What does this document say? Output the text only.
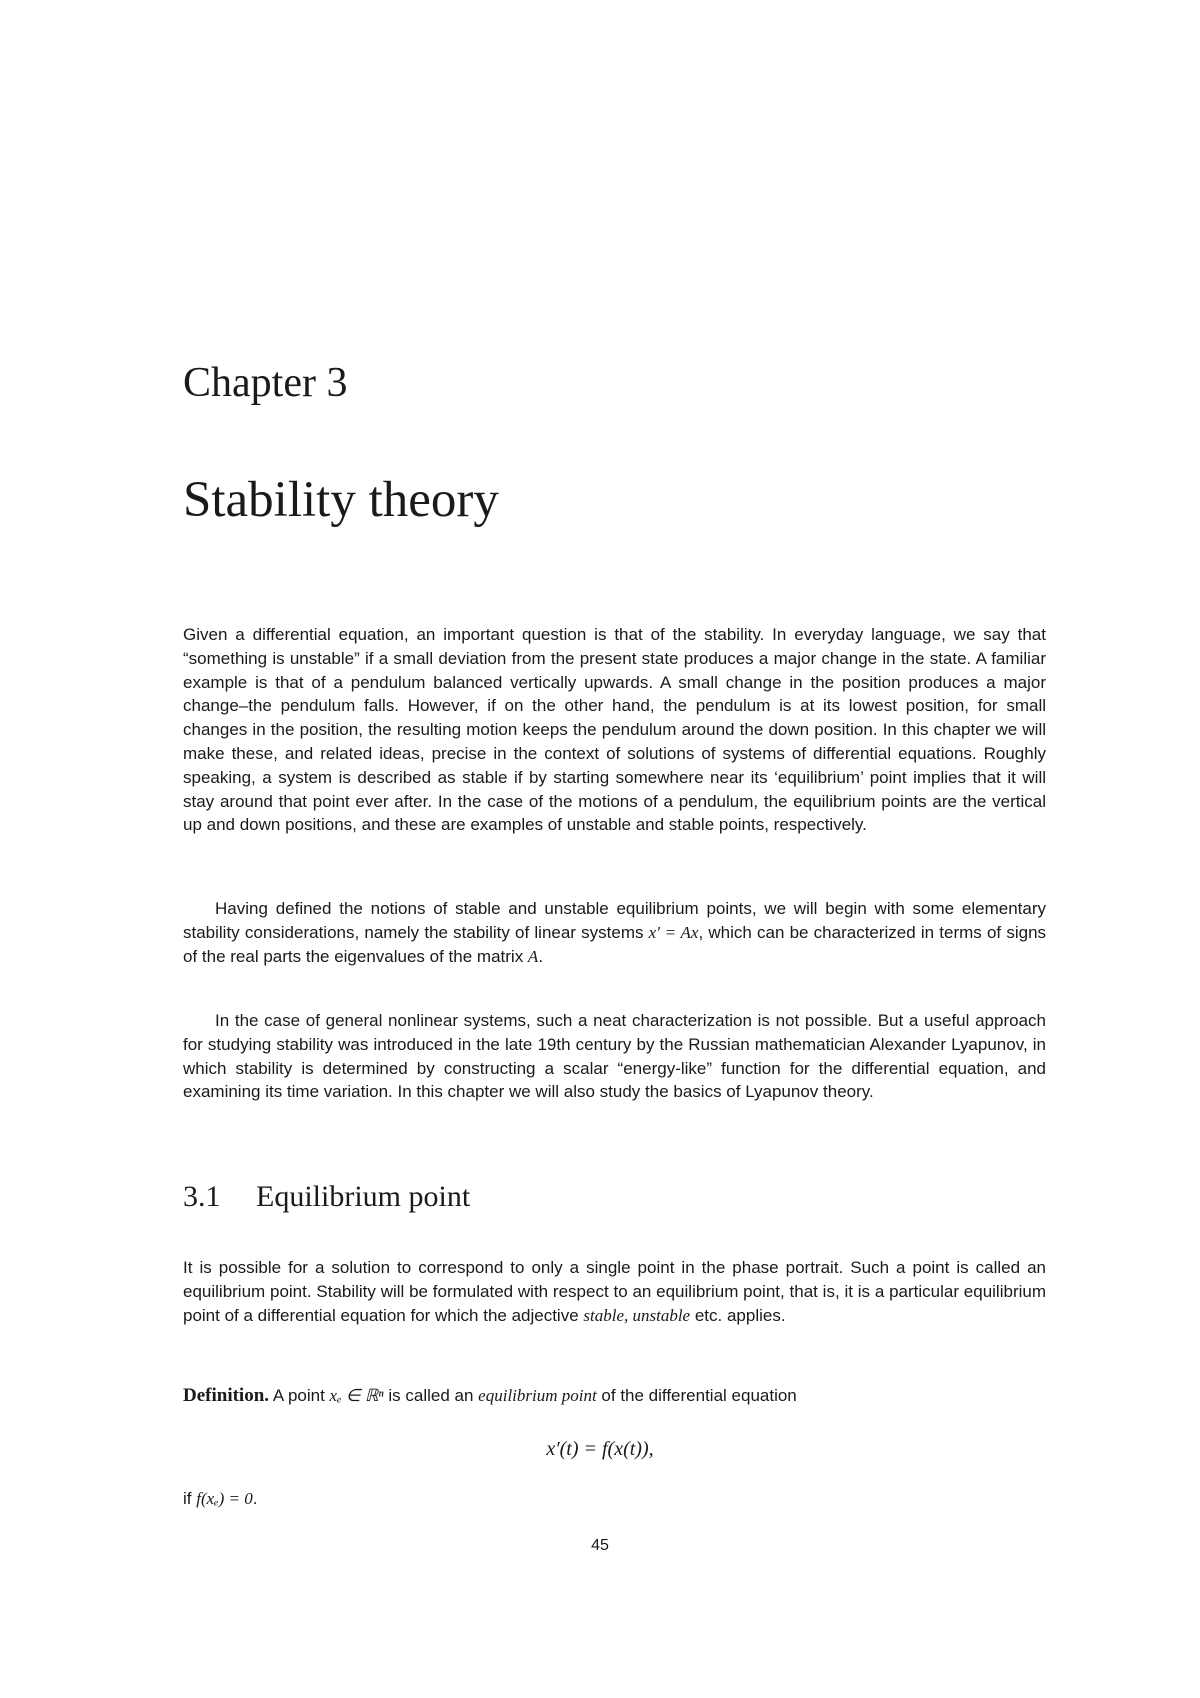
Chapter 3
Stability theory

Given a differential equation, an important question is that of the stability. In everyday language, we say that “something is unstable” if a small deviation from the present state produces a major change in the state. A familiar example is that of a pendulum balanced vertically upwards. A small change in the position produces a major change–the pendulum falls. However, if on the other hand, the pendulum is at its lowest position, for small changes in the position, the resulting motion keeps the pendulum around the down position. In this chapter we will make these, and related ideas, precise in the context of solutions of systems of differential equations. Roughly speaking, a system is described as stable if by starting somewhere near its ‘equilibrium’ point implies that it will stay around that point ever after. In the case of the motions of a pendulum, the equilibrium points are the vertical up and down positions, and these are examples of unstable and stable points, respectively.

Having defined the notions of stable and unstable equilibrium points, we will begin with some elementary stability considerations, namely the stability of linear systems x′ = Ax, which can be characterized in terms of signs of the real parts the eigenvalues of the matrix A.

In the case of general nonlinear systems, such a neat characterization is not possible. But a useful approach for studying stability was introduced in the late 19th century by the Russian mathematician Alexander Lyapunov, in which stability is determined by constructing a scalar “energy-like” function for the differential equation, and examining its time variation. In this chapter we will also study the basics of Lyapunov theory.

3.1 Equilibrium point

It is possible for a solution to correspond to only a single point in the phase portrait. Such a point is called an equilibrium point. Stability will be formulated with respect to an equilibrium point, that is, it is a particular equilibrium point of a differential equation for which the adjective stable, unstable etc. applies.

Definition. A point xₑ ∈ ℝⁿ is called an equilibrium point of the differential equation

x′(t) = f(x(t)),

if f(xₑ) = 0.

45
